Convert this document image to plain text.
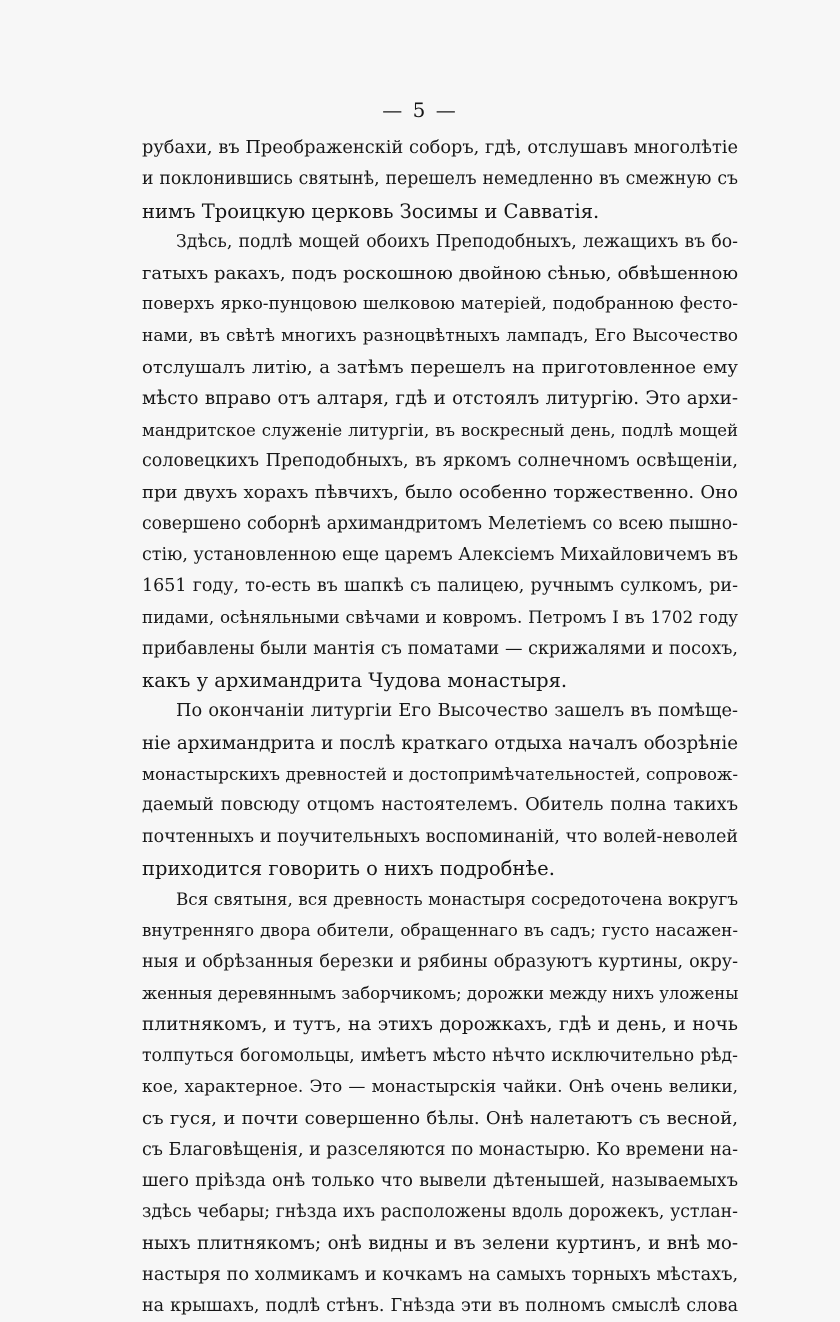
— 5 —
рубахи, въ Преображенскій соборъ, гдѣ, отслушавъ многолѣтіе
и поклонившись святынѣ, перешелъ немедленно въ смежную съ
нимъ Троицкую церковь Зосимы и Савватія.
Здѣсь, подлѣ мощей обоихъ Преподобныхъ, лежащихъ въ бо-
гатыхъ ракахъ, подъ роскошною двойною сѣнью, обвѣшенною
поверхъ ярко-пунцовою шелковою матеріей, подобранною фесто-
нами, въ свѣтѣ многихъ разноцвѣтныхъ лампадъ, Его Высочество
отслушалъ литію, а затѣмъ перешелъ на приготовленное ему
мѣсто вправо отъ алтаря, гдѣ и отстоялъ литургію. Это архи-
мандритское служеніе литургіи, въ воскресный день, подлѣ мощей
соловецкихъ Преподобныхъ, въ яркомъ солнечномъ освѣщеніи,
при двухъ хорахъ пѣвчихъ, было особенно торжественно. Оно
совершено соборнѣ архимандритомъ Мелетіемъ со всею пышно-
стію, установленною еще царемъ Алексіемъ Михайловичемъ въ
1651 году, то-есть въ шапкѣ съ палицею, ручнымъ сулкомъ, ри-
пидами, осѣняльными свѣчами и ковромъ. Петромъ I въ 1702 году
прибавлены были мантія съ поматами — скрижалями и посохъ,
какъ у архимандрита Чудова монастыря.
По окончаніи литургіи Его Высочество зашелъ въ помѣще-
ніе архимандрита и послѣ краткаго отдыха началъ обозрѣніе
монастырскихъ древностей и достопримѣчательностей, сопровож-
даемый повсюду отцомъ настоятелемъ. Обитель полна такихъ
почтенныхъ и поучительныхъ воспоминаній, что волей-неволей
приходится говорить о нихъ подробнѣе.
Вся святыня, вся древность монастыря сосредоточена вокругъ
внутренняго двора обители, обращеннаго въ садъ; густо насажен-
ныя и обрѣзанныя березки и рябины образуютъ куртины, окру-
женныя деревяннымъ заборчикомъ; дорожки между нихъ уложены
плитнякомъ, и тутъ, на этихъ дорожкахъ, гдѣ и день, и ночь
толпуться богомольцы, имѣетъ мѣсто нѣчто исключительно рѣд-
кое, характерное. Это — монастырскія чайки. Онѣ очень велики,
съ гуся, и почти совершенно бѣлы. Онѣ налетаютъ съ весной,
съ Благовѣщенія, и разселяются по монастырю. Ко времени на-
шего пріѣзда онѣ только что вывели дѣтенышей, называемыхъ
здѣсь чебары; гнѣзда ихъ расположены вдоль дорожекъ, устлан-
ныхъ плитнякомъ; онѣ видны и въ зелени куртинъ, и внѣ мо-
настыря по холмикамъ и кочкамъ на самыхъ торныхъ мѣстахъ,
на крышахъ, подлѣ стѣнъ. Гнѣзда эти въ полномъ смыслѣ слова
